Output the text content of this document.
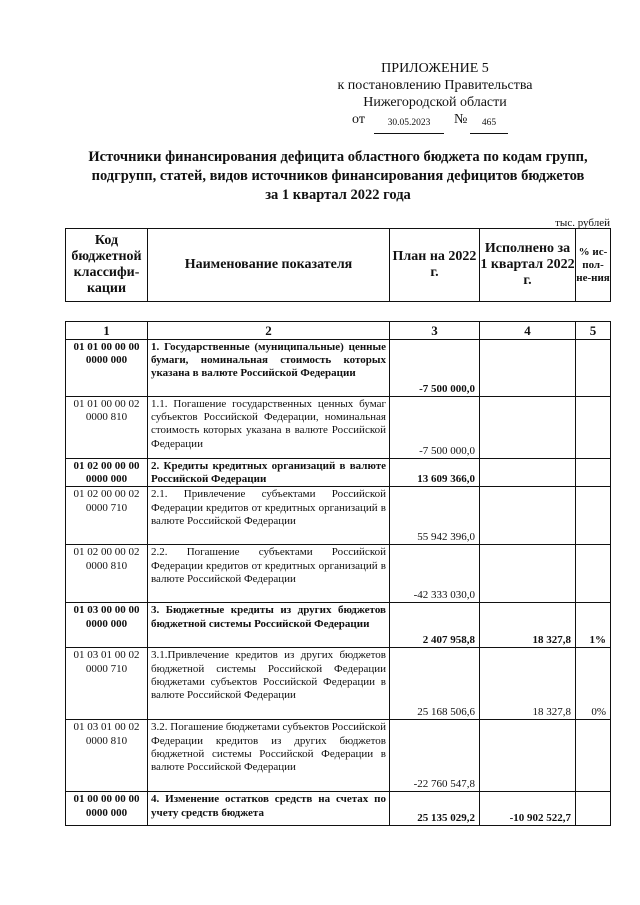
ПРИЛОЖЕНИЕ 5
к постановлению Правительства
Нижегородской области
от	30.05.2023	№	465
Источники финансирования дефицита областного бюджета по кодам групп,
подгрупп, статей, видов источников финансирования дефицитов бюджетов
за 1 квартал 2022 года
тыс. рублей
Код бюджетной классифи-кации	Наименование показателя	План на 2022 г.	Исполнено за 1 квартал 2022 г.	% ис-пол-не-ния
1	2	3	4	5
01 01 00 00 00 0000 000	1. Государственные (муниципальные) ценные бумаги, номинальная стоимость которых указана в валюте Российской Федерации	-7 500 000,0		
01 01 00 00 02 0000 810	1.1. Погашение государственных ценных бумаг субъектов Российской Федерации, номинальная стоимость которых указана в валюте Российской Федерации	-7 500 000,0		
01 02 00 00 00 0000 000	2. Кредиты кредитных организаций в валюте Российской Федерации	13 609 366,0		
01 02 00 00 02 0000 710	2.1. Привлечение субъектами Российской Федерации кредитов от кредитных организаций в валюте Российской Федерации	55 942 396,0		
01 02 00 00 02 0000 810	2.2. Погашение субъектами Российской Федерации кредитов от кредитных организаций в валюте Российской Федерации	-42 333 030,0		
01 03 00 00 00 0000 000	3. Бюджетные кредиты из других бюджетов бюджетной системы Российской Федерации	2 407 958,8	18 327,8	1%
01 03 01 00 02 0000 710	3.1.Привлечение кредитов из других бюджетов бюджетной системы Российской Федерации бюджетами субъектов Российской Федерации в валюте Российской Федерации	25 168 506,6	18 327,8	0%
01 03 01 00 02 0000 810	3.2. Погашение бюджетами субъектов Российской Федерации кредитов из других бюджетов бюджетной системы Российской Федерации в валюте Российской Федерации	-22 760 547,8		
01 00 00 00 00 0000 000	4. Изменение остатков средств на счетах по учету средств бюджета	25 135 029,2	-10 902 522,7	
